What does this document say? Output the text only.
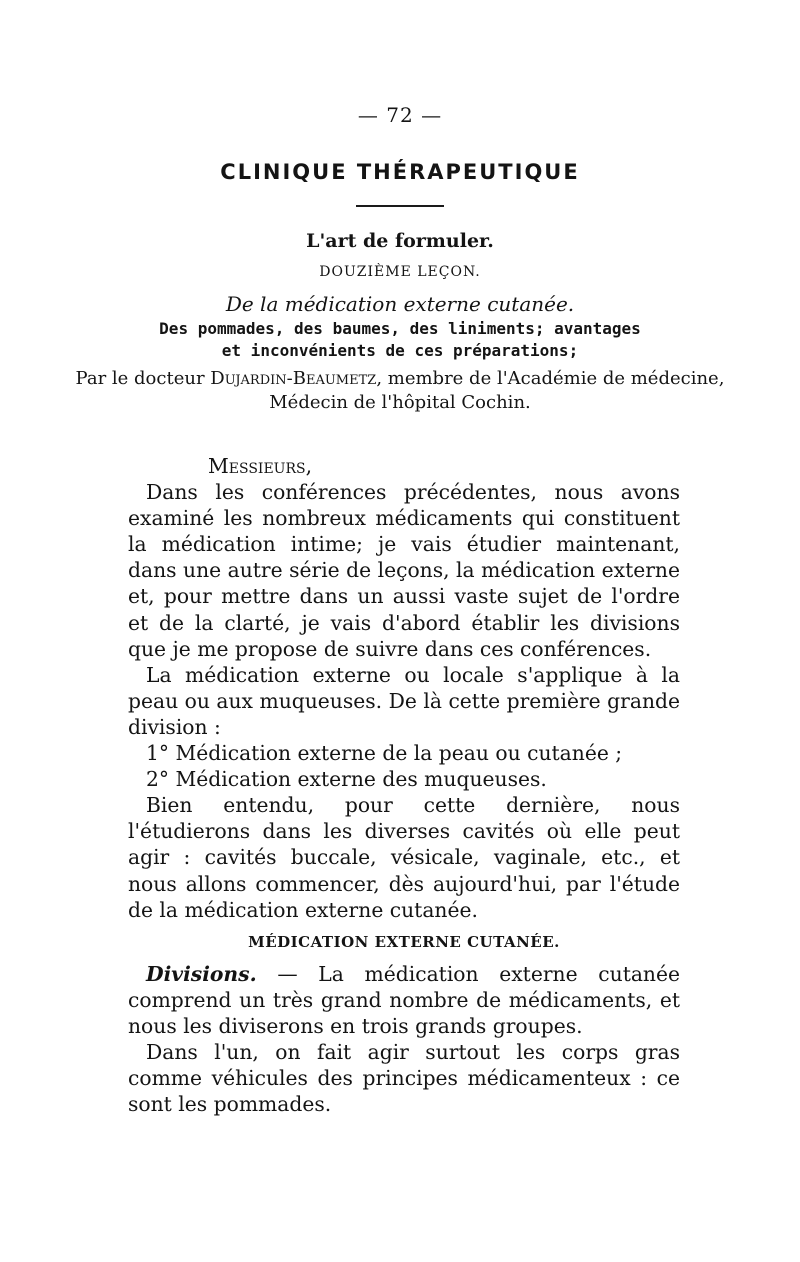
— 72 —
CLINIQUE THÉRAPEUTIQUE

L'art de formuler.

DOUZIÈME LEÇON.

De la médication externe cutanée.

Des pommades, des baumes, des liniments; avantages
et inconvénients de ces préparations;
Par le docteur Dujardin-Beaumetz, membre de l'Académie de médecine,
Médecin de l'hôpital Cochin.

Messieurs,

Dans les conférences précédentes, nous avons examiné les nombreux médicaments qui constituent la médication intime; je vais étudier maintenant, dans une autre série de leçons, la médication externe et, pour mettre dans un aussi vaste sujet de l'ordre et de la clarté, je vais d'abord établir les divisions que je me propose de suivre dans ces conférences.

La médication externe ou locale s'applique à la peau ou aux muqueuses. De là cette première grande division :

1° Médication externe de la peau ou cutanée ;

2° Médication externe des muqueuses.

Bien entendu, pour cette dernière, nous l'étudierons dans les diverses cavités où elle peut agir : cavités buccale, vésicale, vaginale, etc., et nous allons commencer, dès aujourd'hui, par l'étude de la médication externe cutanée.

MÉDICATION EXTERNE CUTANÉE.

Divisions. — La médication externe cutanée comprend un très grand nombre de médicaments, et nous les diviserons en trois grands groupes.

Dans l'un, on fait agir surtout les corps gras comme véhicules des principes médicamenteux : ce sont les pommades.
